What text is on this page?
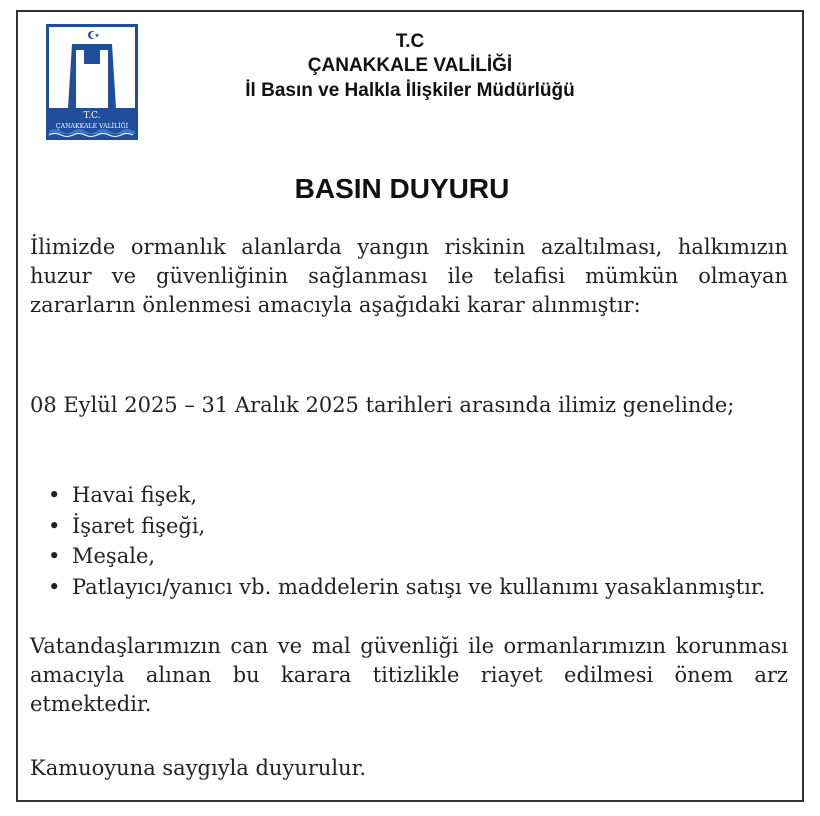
T.C.
ÇANAKKALE VALİLİĞİ
T.C
ÇANAKKALE VALİLİĞİ
İl Basın ve Halkla İlişkiler Müdürlüğü
BASIN DUYURU
İlimizde ormanlık alanlarda yangın riskinin azaltılması, halkımızın huzur ve güvenliğinin sağlanması ile telafisi mümkün olmayan zararların önlenmesi amacıyla aşağıdaki karar alınmıştır:
08 Eylül 2025 – 31 Aralık 2025 tarihleri arasında ilimiz genelinde;
• Havai fişek,
• İşaret fişeği,
• Meşale,
• Patlayıcı/yanıcı vb. maddelerin satışı ve kullanımı yasaklanmıştır.
Vatandaşlarımızın can ve mal güvenliği ile ormanlarımızın korunması amacıyla alınan bu karara titizlikle riayet edilmesi önem arz etmektedir.
Kamuoyuna saygıyla duyurulur.
